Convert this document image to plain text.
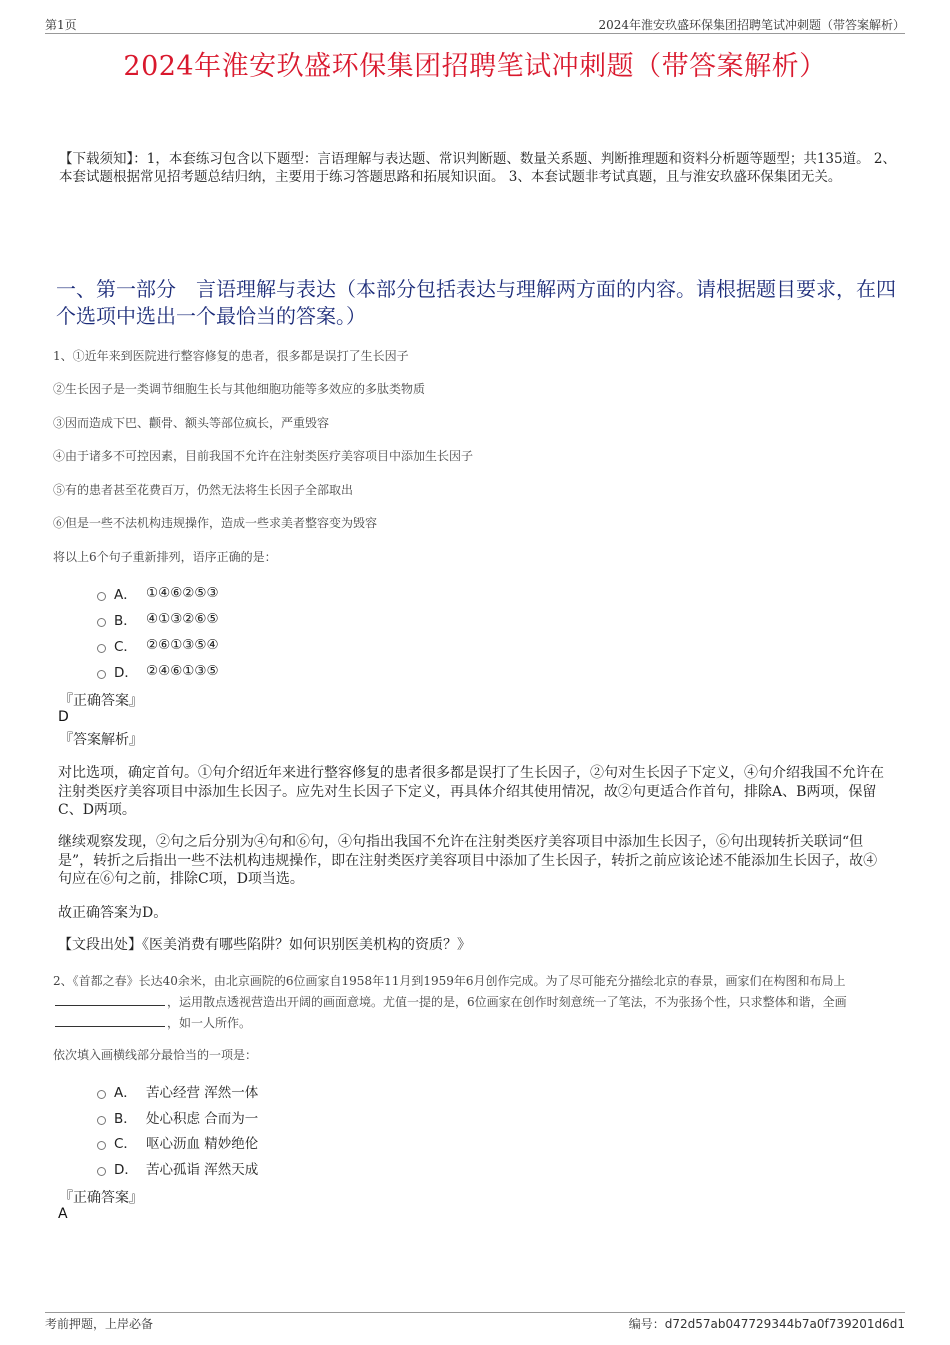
第1页	2024年淮安玖盛环保集团招聘笔试冲刺题（带答案解析）
2024年淮安玖盛环保集团招聘笔试冲刺题（带答案解析）
【下载须知】：1，本套练习包含以下题型：言语理解与表达题、常识判断题、数量关系题、判断推理题和资料分析题等题型；共135道。 2、本套试题根据常见招考题总结归纳，主要用于练习答题思路和拓展知识面。 3、本套试题非考试真题，且与淮安玖盛环保集团无关。
一、第一部分　言语理解与表达（本部分包括表达与理解两方面的内容。请根据题目要求，在四个选项中选出一个最恰当的答案。）
1、①近年来到医院进行整容修复的患者，很多都是误打了生长因子
②生长因子是一类调节细胞生长与其他细胞功能等多效应的多肽类物质
③因而造成下巴、颧骨、额头等部位疯长，严重毁容
④由于诸多不可控因素，目前我国不允许在注射类医疗美容项目中添加生长因子
⑤有的患者甚至花费百万，仍然无法将生长因子全部取出
⑥但是一些不法机构违规操作，造成一些求美者整容变为毁容
将以上6个句子重新排列，语序正确的是：
A． ①④⑥②⑤③
B． ④①③②⑥⑤
C． ②⑥①③⑤④
D． ②④⑥①③⑤
『正确答案』
D
『答案解析』
对比选项，确定首句。①句介绍近年来进行整容修复的患者很多都是误打了生长因子，②句对生长因子下定义，④句介绍我国不允许在注射类医疗美容项目中添加生长因子。应先对生长因子下定义，再具体介绍其使用情况，故②句更适合作首句，排除A、B两项，保留C、D两项。
继续观察发现，②句之后分别为④句和⑥句，④句指出我国不允许在注射类医疗美容项目中添加生长因子，⑥句出现转折关联词“但是”，转折之后指出一些不法机构违规操作，即在注射类医疗美容项目中添加了生长因子，转折之前应该论述不能添加生长因子，故④句应在⑥句之前，排除C项，D项当选。
故正确答案为D。
【文段出处】《医美消费有哪些陷阱？如何识别医美机构的资质？》
2、《首都之春》长达40余米，由北京画院的6位画家自1958年11月到1959年6月创作完成。为了尽可能充分描绘北京的春景，画家们在构图和布局上，运用散点透视营造出开阔的画面意境。尤值一提的是，6位画家在创作时刻意统一了笔法，不为张扬个性，只求整体和谐，全画，如一人所作。
依次填入画横线部分最恰当的一项是：
A． 苦心经营 浑然一体
B． 处心积虑 合而为一
C． 呕心沥血 精妙绝伦
D． 苦心孤诣 浑然天成
『正确答案』
A
考前押题，上岸必备	编号：d72d57ab047729344b7a0f739201d6d1
